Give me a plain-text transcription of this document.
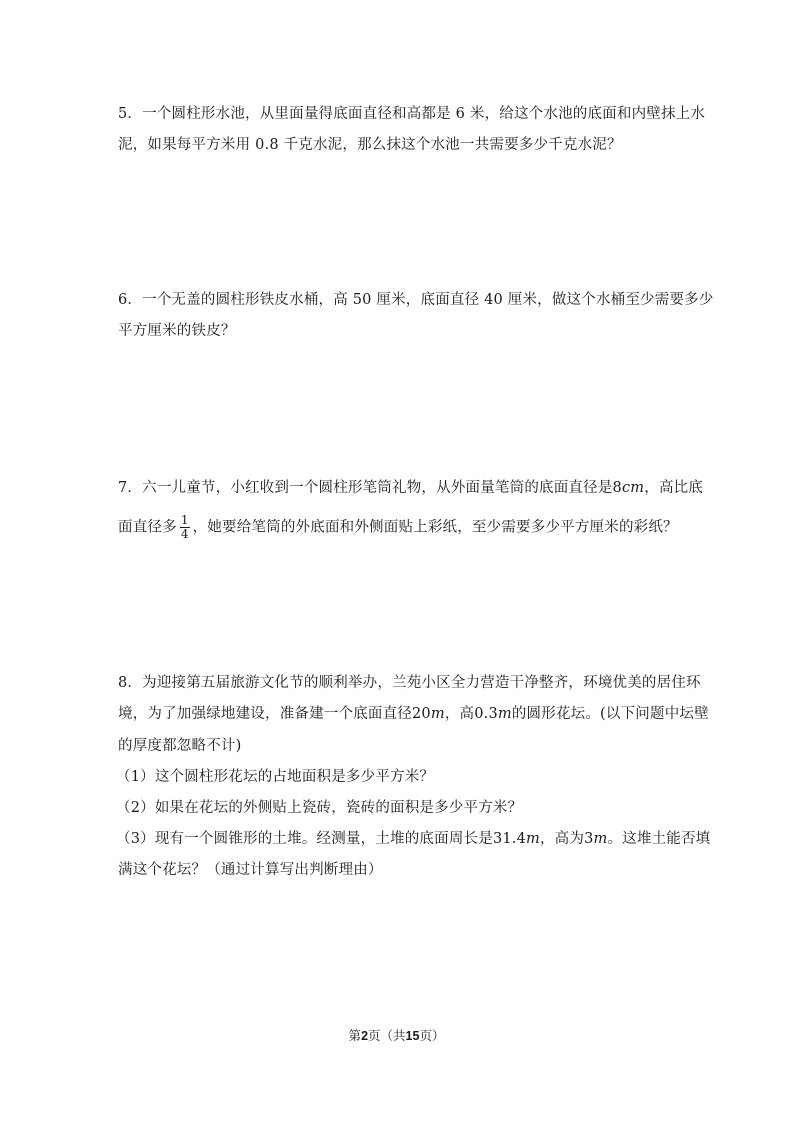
5．一个圆柱形水池，从里面量得底面直径和高都是 6 米，给这个水池的底面和内壁抹上水
泥，如果每平方米用 0.8 千克水泥，那么抹这个水池一共需要多少千克水泥？
6．一个无盖的圆柱形铁皮水桶，高 50 厘米，底面直径 40 厘米，做这个水桶至少需要多少
平方厘米的铁皮？
7．六一儿童节，小红收到一个圆柱形笔筒礼物，从外面量笔筒的底面直径是8cm，高比底
面直径多 $\frac{1}{4}$ ，她要给笔筒的外底面和外侧面贴上彩纸，至少需要多少平方厘米的彩纸？
8．为迎接第五届旅游文化节的顺利举办，兰苑小区全力营造干净整齐，环境优美的居住环
境，为了加强绿地建设，准备建一个底面直径20m，高0.3m的圆形花坛。(以下问题中坛壁
的厚度都忽略不计)
（1）这个圆柱形花坛的占地面积是多少平方米？
（2）如果在花坛的外侧贴上瓷砖，瓷砖的面积是多少平方米？
（3）现有一个圆锥形的土堆。经测量，土堆的底面周长是31.4m，高为3m。这堆土能否填
满这个花坛？（通过计算写出判断理由）
第2页（共15页）
